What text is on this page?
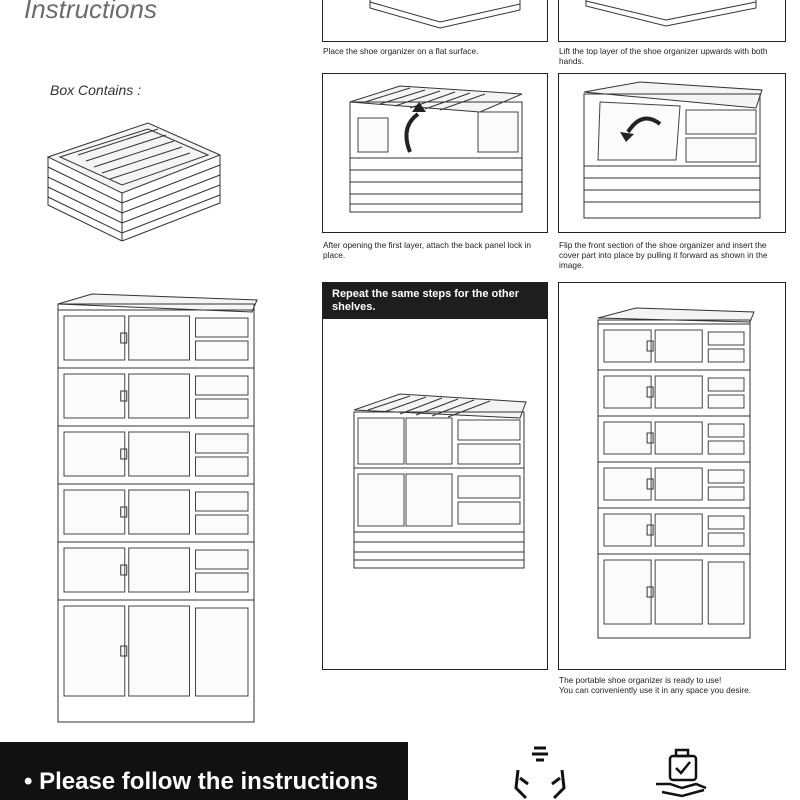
Instructions
Box Contains :
Place the shoe organizer on a flat surface.	Lift the top layer of the shoe organizer upwards with both hands.
After opening the first layer, attach the back panel lock in place.
Flip the front section of the shoe organizer and insert the cover part into place by pulling it forward as shown in the image.
Repeat the same steps for the other shelves.
The portable shoe organizer is ready to use!
You can conveniently use it in any space you desire.
• Please follow the instructions
